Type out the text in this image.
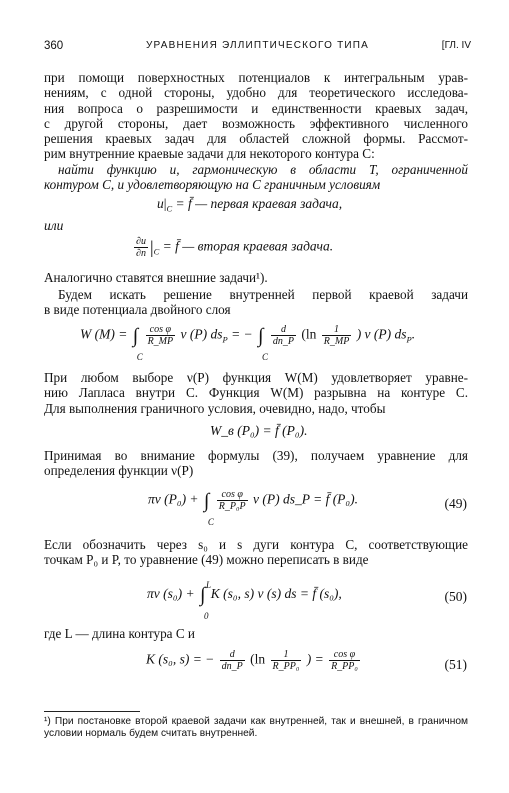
360	УРАВНЕНИЯ ЭЛЛИПТИЧЕСКОГО ТИПА	[ГЛ. IV
при помощи поверхностных потенциалов к интегральным урав-
нениям, с одной стороны, удобно для теоретического исследова-
ния вопроса о разрешимости и единственности краевых задач,
с другой стороны, дает возможность эффективного численного
решения краевых задач для областей сложной формы. Рассмот-
рим внутренние краевые задачи для некоторого контура C:
найти функцию u, гармоническую в области T, ограниченной
контуром C, и удовлетворяющую на C граничным условиям
$u|_C$ = f̄ — первая краевая задача,
или
$\frac{\partial u}{\partial n} |_C$ = f̄ — вторая краевая задача.
Аналогично ставятся внешние задачи¹).
Будем искать решение внутренней первой краевой задачи
в виде потенциала двойного слоя
W (M) = ∫
C

$\frac{\text{cos φ}}{R\_MP}$ ν (P) $ds_P$ = − ∫
C

$\frac{d}{dn\_P} (\ln \frac{1}{R\_MP}$ ) ν (P) $ds_P$.
При любом выборе ν(P) функция W(M) удовлетворяет уравне-
нию Лапласа внутри C. Функция W(M) разрывна на контуре C.
Для выполнения граничного условия, очевидно, надо, чтобы
W_в (P₀) = f̄ (P₀).
Принимая во внимание формулы (39), получаем уравнение для
определения функции ν(P)
πν (P₀) + ∫
C

$\frac{\text{cos φ}}{\text{R\_P₀P}}$ ν (P) ds_P = f̄ (P₀).	(49)
Если обозначить через s₀ и s дуги контура C, соответствующие
точкам P₀ и P, то уравнение (49) можно переписать в виде
πν (s₀) + ∫ L
0
K (s₀, s) ν (s) ds = f̄ (s₀),	(50)
где L — длина контура C и
K (s₀, s) = − $\frac{d}{dn\_P} (\ln \frac{1}{\text{R\_PP₀}}$ ) = $\frac{\text{cos φ}}{\text{R\_PP₀}}$	(51)
¹) При постановке второй краевой задачи как внутренней, так и внешней, в граничном условии нормаль будем считать внутренней.
